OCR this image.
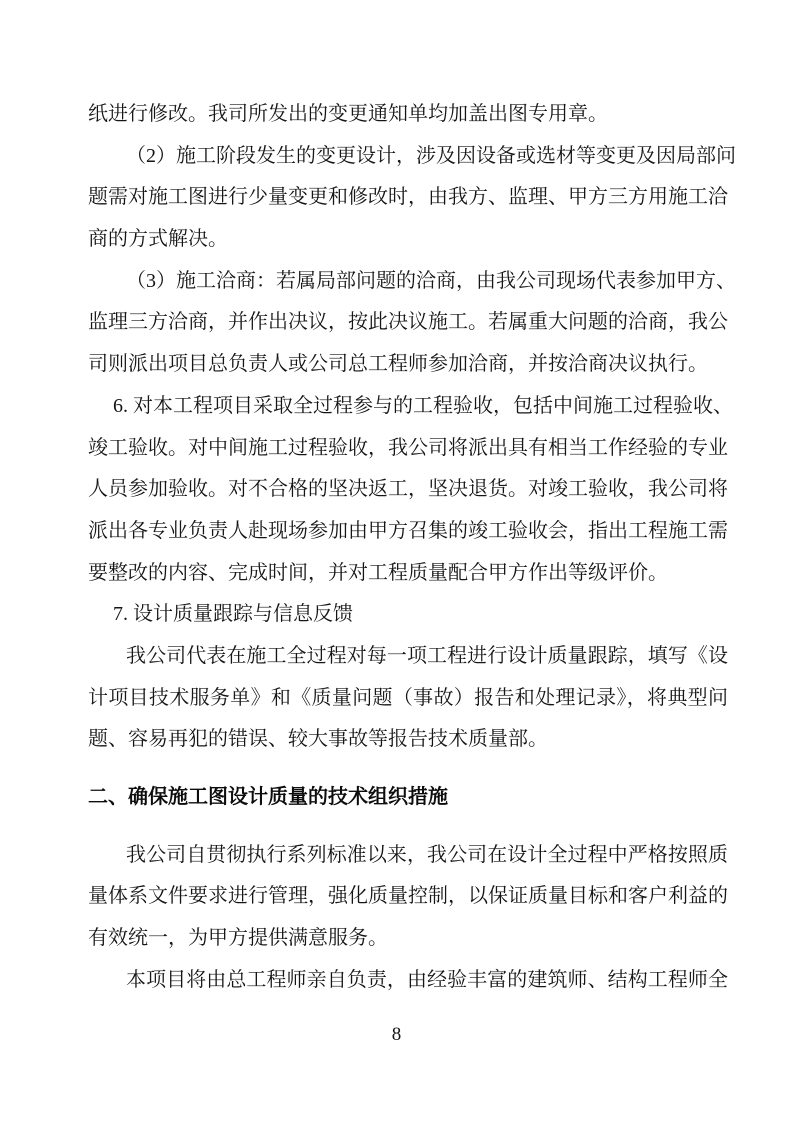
纸进行修改。我司所发出的变更通知单均加盖出图专用章。
（2）施工阶段发生的变更设计，涉及因设备或选材等变更及因局部问
题需对施工图进行少量变更和修改时，由我方、监理、甲方三方用施工洽
商的方式解决。
（3）施工洽商：若属局部问题的洽商，由我公司现场代表参加甲方、
监理三方洽商，并作出决议，按此决议施工。若属重大问题的洽商，我公
司则派出项目总负责人或公司总工程师参加洽商，并按洽商决议执行。
6. 对本工程项目采取全过程参与的工程验收，包括中间施工过程验收、
竣工验收。对中间施工过程验收，我公司将派出具有相当工作经验的专业
人员参加验收。对不合格的坚决返工，坚决退货。对竣工验收，我公司将
派出各专业负责人赴现场参加由甲方召集的竣工验收会，指出工程施工需
要整改的内容、完成时间，并对工程质量配合甲方作出等级评价。
7. 设计质量跟踪与信息反馈
我公司代表在施工全过程对每一项工程进行设计质量跟踪，填写《设
计项目技术服务单》和《质量问题（事故）报告和处理记录》，将典型问
题、容易再犯的错误、较大事故等报告技术质量部。
二、确保施工图设计质量的技术组织措施
我公司自贯彻执行系列标准以来，我公司在设计全过程中严格按照质
量体系文件要求进行管理，强化质量控制，以保证质量目标和客户利益的
有效统一，为甲方提供满意服务。
本项目将由总工程师亲自负责，由经验丰富的建筑师、结构工程师全
8
